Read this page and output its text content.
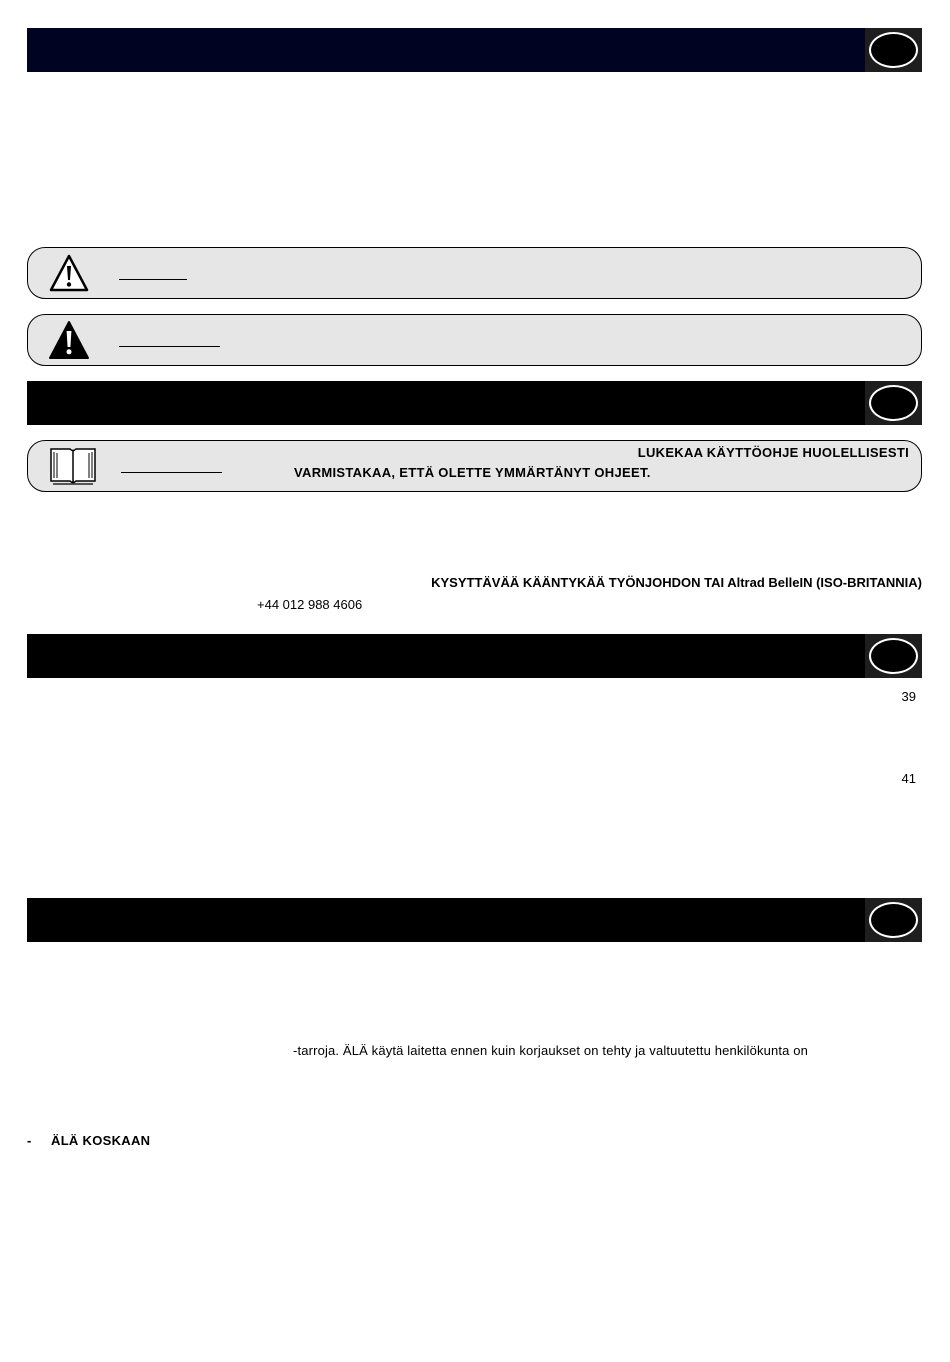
LUKEKAA KÄYTTÖOHJE HUOLELLISESTI
VARMISTAKAA, ETTÄ OLETTE YMMÄRTÄNYT OHJEET.
KYSYTTÄVÄÄ KÄÄNTYKÄÄ TYÖNJOHDON TAI Altrad BelleIN (ISO-BRITANNIA)
+44 012 988 4606
39
41
-tarroja. ÄLÄ käytä laitetta ennen kuin korjaukset on tehty ja valtuutettu henkilökunta on
- ÄLÄ KOSKAAN
